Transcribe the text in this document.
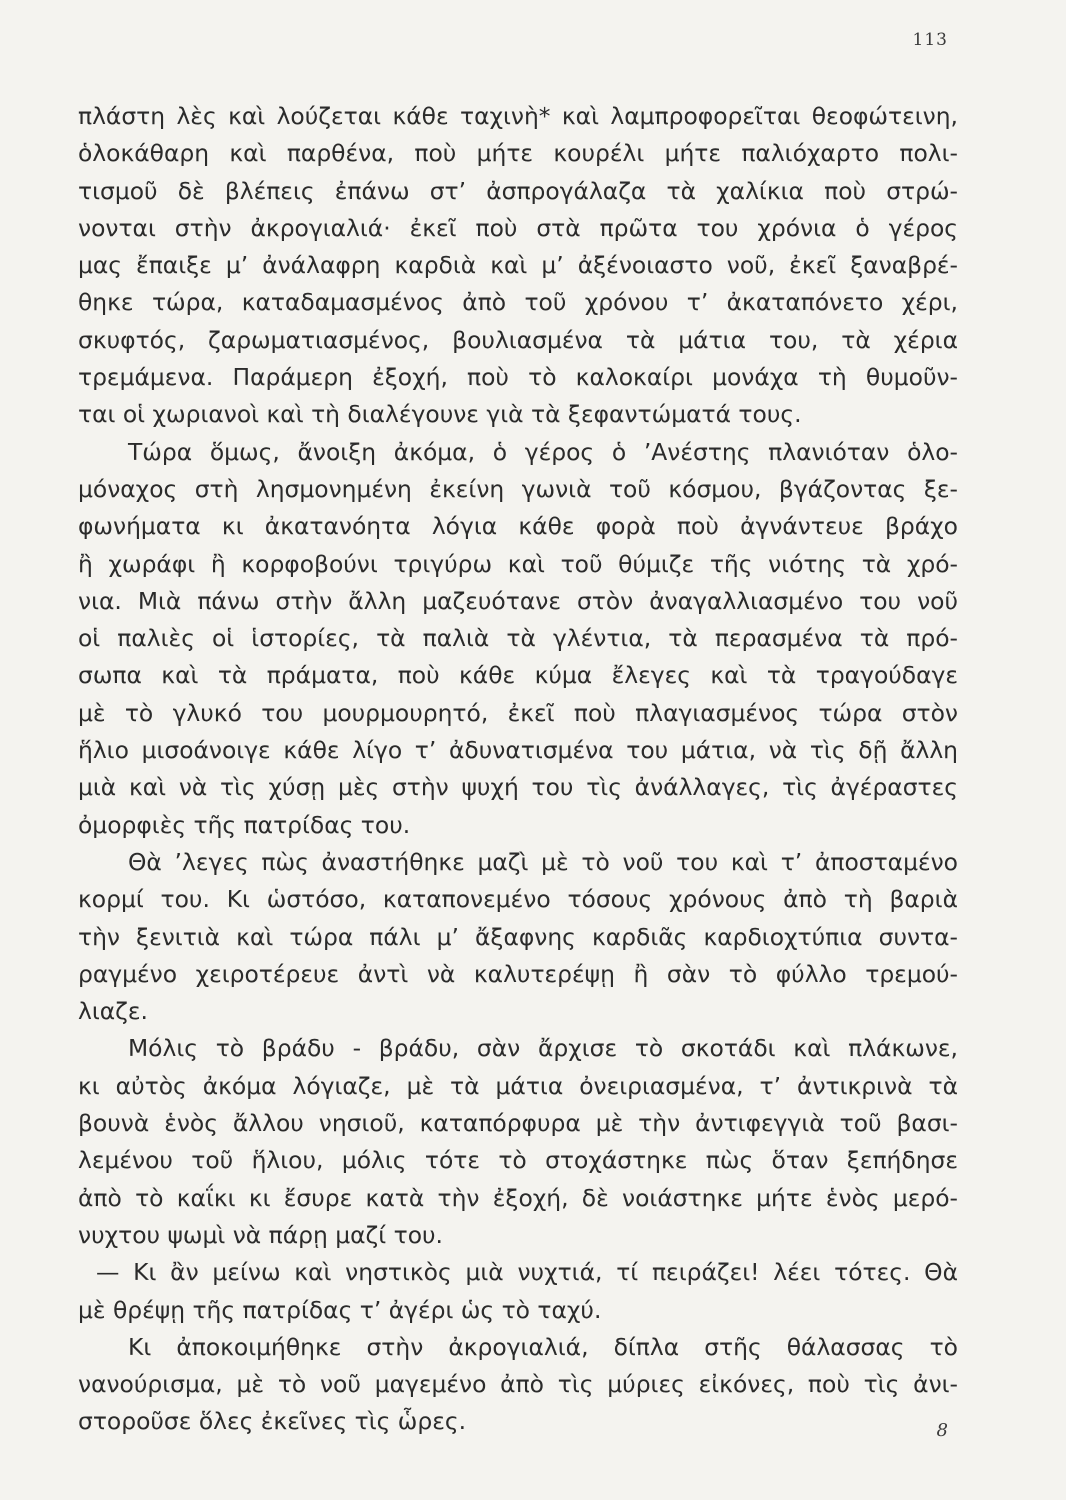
113
πλάστη λὲς καὶ λούζεται κάθε ταχινὴ* καὶ λαμπροφορεῖται θεοφώτεινη,
ὁλοκάθαρη καὶ παρθένα, ποὺ μήτε κουρέλι μήτε παλιόχαρτο πολι-
τισμοῦ δὲ βλέπεις ἐπάνω στ’ ἀσπρογάλαζα τὰ χαλίκια ποὺ στρώ-
νονται στὴν ἀκρογιαλιά· ἐκεῖ ποὺ στὰ πρῶτα του χρόνια ὁ γέρος
μας ἔπαιξε μ’ ἀνάλαφρη καρδιὰ καὶ μ’ ἀξένοιαστο νοῦ, ἐκεῖ ξαναβρέ-
θηκε τώρα, καταδαμασμένος ἀπὸ τοῦ χρόνου τ’ ἀκαταπόνετο χέρι,
σκυφτός, ζαρωματιασμένος, βουλιασμένα τὰ μάτια του, τὰ χέρια
τρεμάμενα. Παράμερη ἐξοχή, ποὺ τὸ καλοκαίρι μονάχα τὴ θυμοῦν-
ται οἱ χωριανοὶ καὶ τὴ διαλέγουνε γιὰ τὰ ξεφαντώματά τους.
Τώρα ὅμως, ἄνοιξη ἀκόμα, ὁ γέρος ὁ ’Ανέστης πλανιόταν ὁλο-
μόναχος στὴ λησμονημένη ἐκείνη γωνιὰ τοῦ κόσμου, βγάζοντας ξε-
φωνήματα κι ἀκατανόητα λόγια κάθε φορὰ ποὺ ἀγνάντευε βράχο
ἢ χωράφι ἢ κορφοβούνι τριγύρω καὶ τοῦ θύμιζε τῆς νιότης τὰ χρό-
νια. Μιὰ πάνω στὴν ἄλλη μαζευότανε στὸν ἀναγαλλιασμένο του νοῦ
οἱ παλιὲς οἱ ἱστορίες, τὰ παλιὰ τὰ γλέντια, τὰ περασμένα τὰ πρό-
σωπα καὶ τὰ πράματα, ποὺ κάθε κύμα ἔλεγες καὶ τὰ τραγούδαγε
μὲ τὸ γλυκό του μουρμουρητό, ἐκεῖ ποὺ πλαγιασμένος τώρα στὸν
ἥλιο μισοάνοιγε κάθε λίγο τ’ ἀδυνατισμένα του μάτια, νὰ τὶς δῇ ἄλλη
μιὰ καὶ νὰ τὶς χύσῃ μὲς στὴν ψυχή του τὶς ἀνάλλαγες, τὶς ἀγέραστες
ὀμορφιὲς τῆς πατρίδας του.
Θὰ ’λεγες πὼς ἀναστήθηκε μαζὶ μὲ τὸ νοῦ του καὶ τ’ ἀποσταμένο
κορμί του. Κι ὡστόσο, καταπονεμένο τόσους χρόνους ἀπὸ τὴ βαριὰ
τὴν ξενιτιὰ καὶ τώρα πάλι μ’ ἄξαφνης καρδιᾶς καρδιοχτύπια συντα-
ραγμένο χειροτέρευε ἀντὶ νὰ καλυτερέψῃ ἢ σὰν τὸ φύλλο τρεμού-
λιαζε.
Μόλις τὸ βράδυ - βράδυ, σὰν ἄρχισε τὸ σκοτάδι καὶ πλάκωνε,
κι αὐτὸς ἀκόμα λόγιαζε, μὲ τὰ μάτια ὀνειριασμένα, τ’ ἀντικρινὰ τὰ
βουνὰ ἑνὸς ἄλλου νησιοῦ, καταπόρφυρα μὲ τὴν ἀντιφεγγιὰ τοῦ βασι-
λεμένου τοῦ ἥλιου, μόλις τότε τὸ στοχάστηκε πὼς ὅταν ξεπήδησε
ἀπὸ τὸ καΐκι κι ἔσυρε κατὰ τὴν ἐξοχή, δὲ νοιάστηκε μήτε ἑνὸς μερό-
νυχτου ψωμὶ νὰ πάρῃ μαζί του.
— Κι ἂν μείνω καὶ νηστικὸς μιὰ νυχτιά, τί πειράζει! λέει τότες. Θὰ
μὲ θρέψῃ τῆς πατρίδας τ’ ἀγέρι ὡς τὸ ταχύ.
Κι ἀποκοιμήθηκε στὴν ἀκρογιαλιά, δίπλα στῆς θάλασσας τὸ
νανούρισμα, μὲ τὸ νοῦ μαγεμένο ἀπὸ τὶς μύριες εἰκόνες, ποὺ τὶς ἀνι-
στοροῦσε ὅλες ἐκεῖνες τὶς ὧρες.	8
